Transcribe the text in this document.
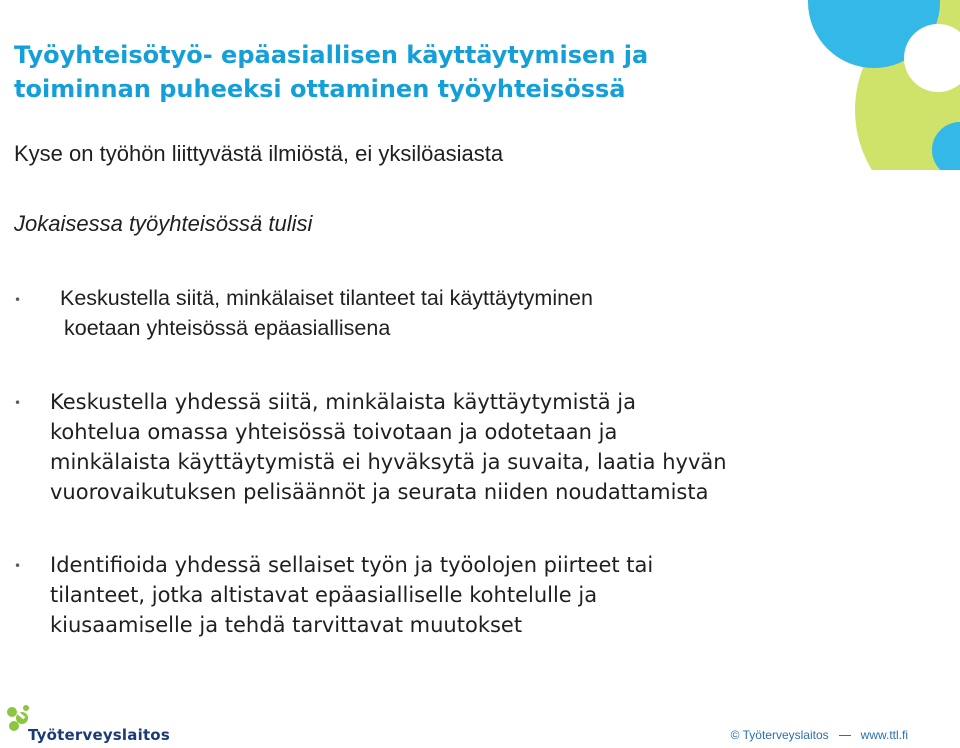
Työyhteisötyö- epäasiallisen käyttäytymisen ja toiminnan puheeksi ottaminen työyhteisössä

Kyse on työhön liittyvästä ilmiöstä, ei yksilöasiasta

Jokaisessa työyhteisössä tulisi

• Keskustella siitä, minkälaiset tilanteet tai käyttäytyminen

koetaan yhteisössä epäasiallisena

• Keskustella yhdessä siitä, minkälaista käyttäytymistä ja

kohtelua omassa yhteisössä toivotaan ja odotetaan ja

minkälaista käyttäytymistä ei hyväksytä ja suvaita, laatia hyvän

vuorovaikutuksen pelisäännöt ja seurata niiden noudattamista

• Identifioida yhdessä sellaiset työn ja työolojen piirteet tai

tilanteet, jotka altistavat epäasialliselle kohtelulle ja

kiusaamiselle ja tehdä tarvittavat muutokset

Työterveyslaitos	© Työterveyslaitos	www.ttl.fi
